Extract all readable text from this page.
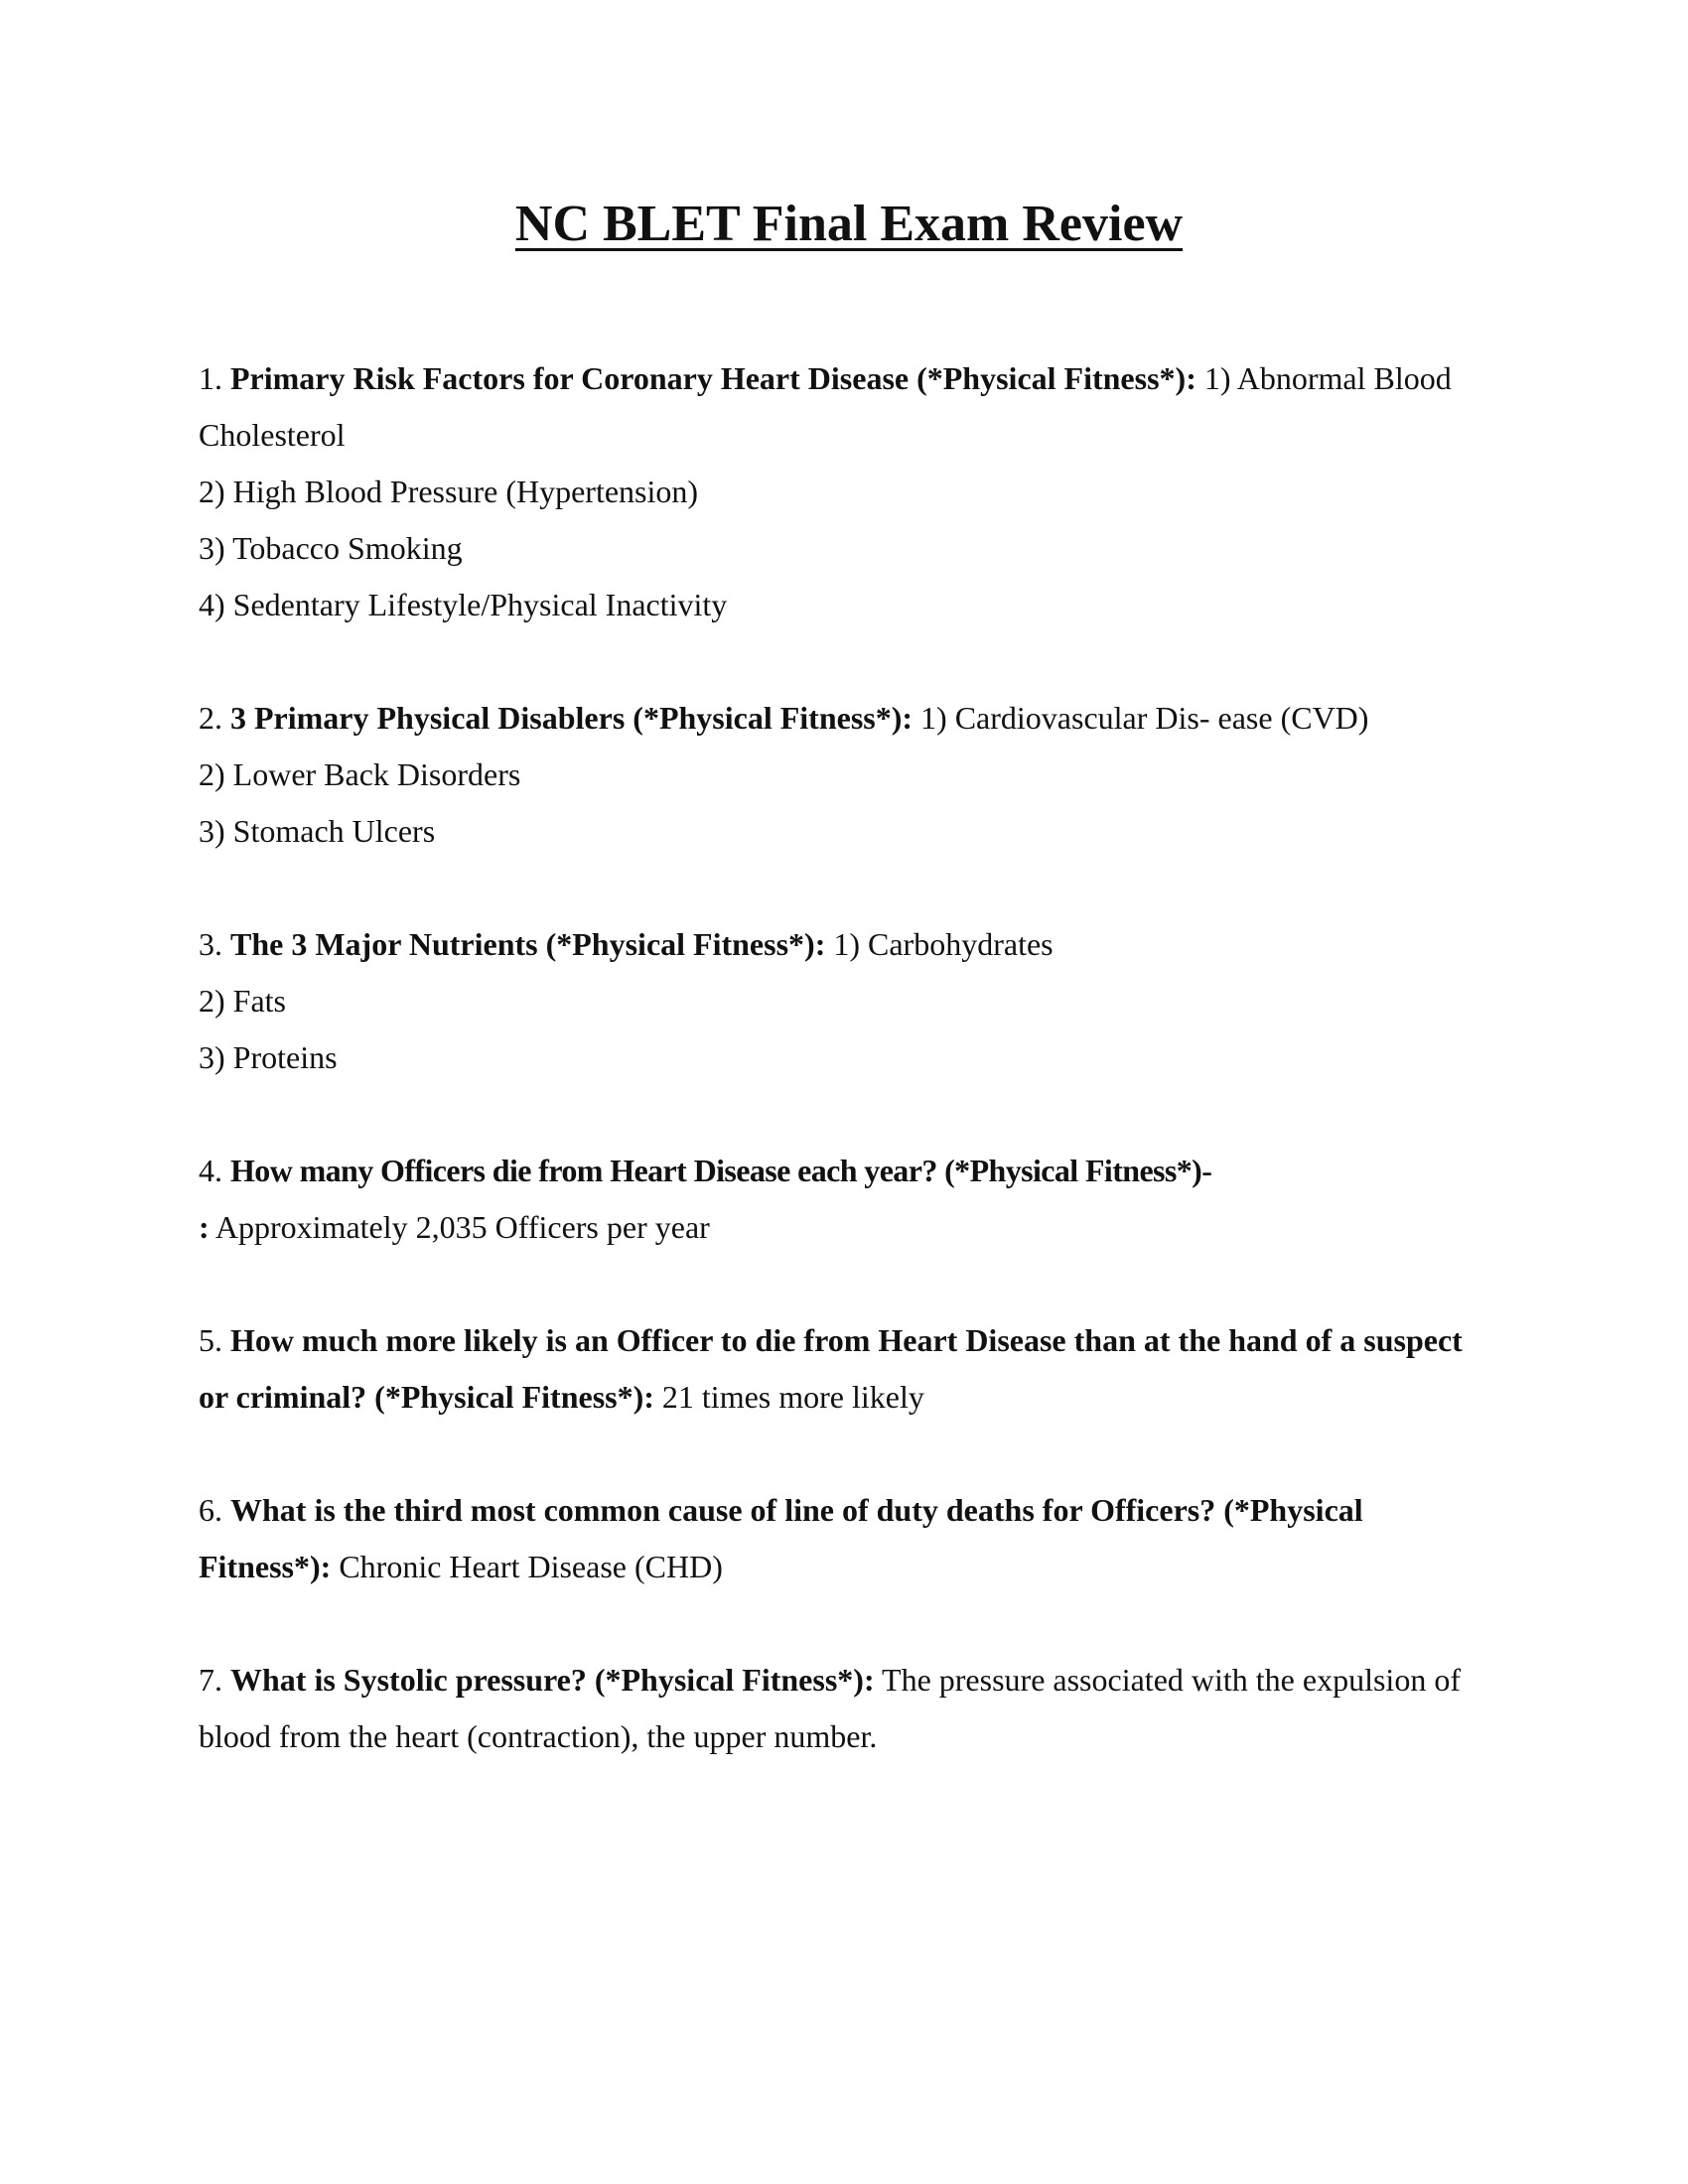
NC BLET Final Exam Review

1. Primary Risk Factors for Coronary Heart Disease (*Physical Fitness*): 1) Abnormal Blood Cholesterol

2) High Blood Pressure (Hypertension)

3) Tobacco Smoking

4) Sedentary Lifestyle/Physical Inactivity

2. 3 Primary Physical Disablers (*Physical Fitness*): 1) Cardiovascular Dis- ease (CVD)

2) Lower Back Disorders

3) Stomach Ulcers

3. The 3 Major Nutrients (*Physical Fitness*): 1) Carbohydrates

2) Fats

3) Proteins

4. How many Officers die from Heart Disease each year? (*Physical Fitness*)-

: Approximately 2,035 Officers per year

5. How much more likely is an Officer to die from Heart Disease than at the hand of a suspect or criminal? (*Physical Fitness*): 21 times more likely

6. What is the third most common cause of line of duty deaths for Officers? (*Physical Fitness*): Chronic Heart Disease (CHD)

7. What is Systolic pressure? (*Physical Fitness*): The pressure associated with the expulsion of blood from the heart (contraction), the upper number.
